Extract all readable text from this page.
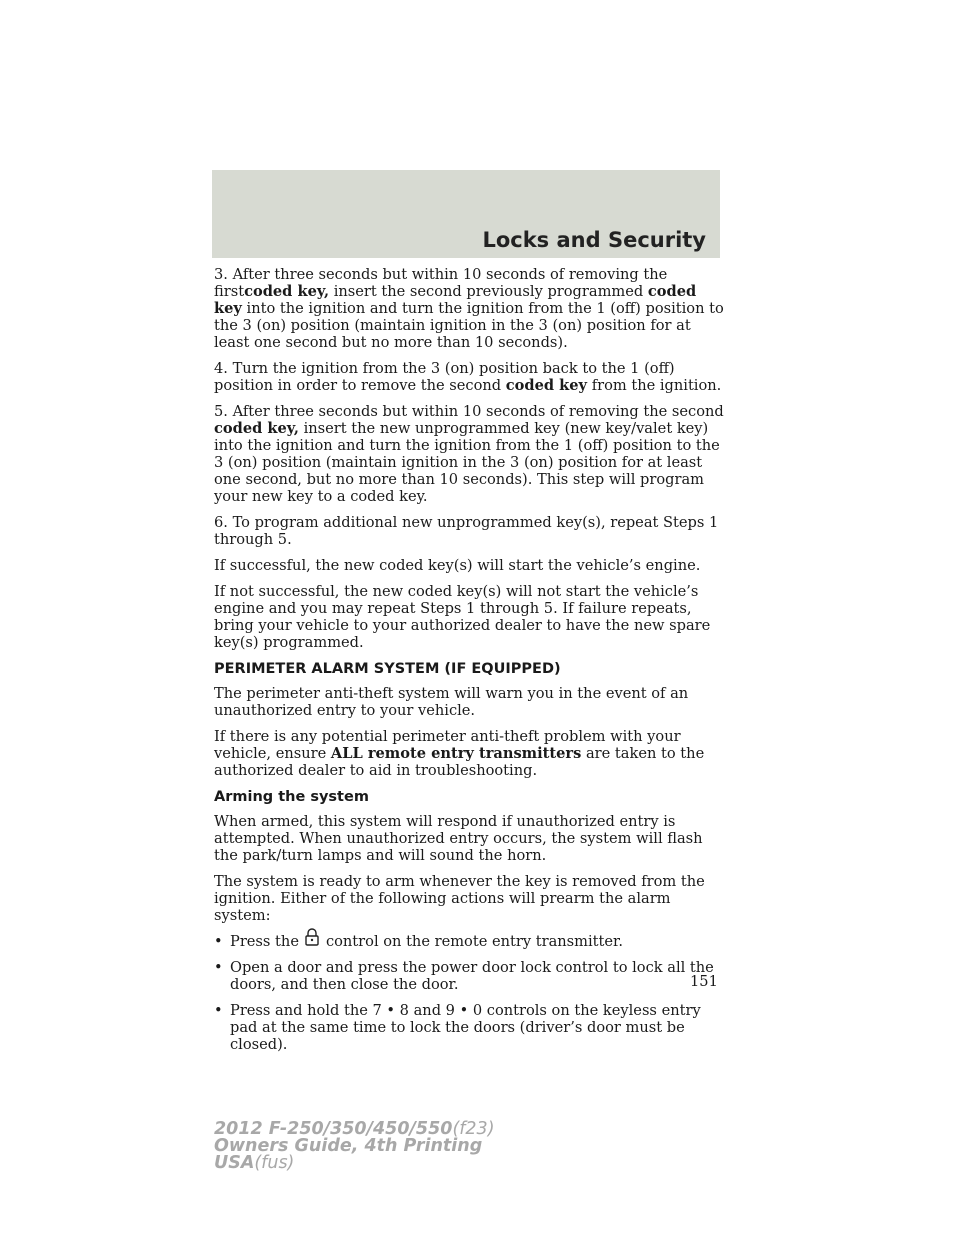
Locks and Security

3. After three seconds but within 10 seconds of removing the firstcoded key, insert the second previously programmed coded key into the ignition and turn the ignition from the 1 (off) position to the 3 (on) position (maintain ignition in the 3 (on) position for at least one second but no more than 10 seconds).

4. Turn the ignition from the 3 (on) position back to the 1 (off) position in order to remove the second coded key from the ignition.

5. After three seconds but within 10 seconds of removing the second coded key, insert the new unprogrammed key (new key/valet key) into the ignition and turn the ignition from the 1 (off) position to the 3 (on) position (maintain ignition in the 3 (on) position for at least one second, but no more than 10 seconds). This step will program your new key to a coded key.

6. To program additional new unprogrammed key(s), repeat Steps 1 through 5.

If successful, the new coded key(s) will start the vehicle’s engine.

If not successful, the new coded key(s) will not start the vehicle’s engine and you may repeat Steps 1 through 5. If failure repeats, bring your vehicle to your authorized dealer to have the new spare key(s) programmed.

PERIMETER ALARM SYSTEM (IF EQUIPPED)

The perimeter anti-theft system will warn you in the event of an unauthorized entry to your vehicle.

If there is any potential perimeter anti-theft problem with your vehicle, ensure ALL remote entry transmitters are taken to the authorized dealer to aid in troubleshooting.

Arming the system

When armed, this system will respond if unauthorized entry is attempted. When unauthorized entry occurs, the system will flash the park/turn lamps and will sound the horn.

The system is ready to arm whenever the key is removed from the ignition. Either of the following actions will prearm the alarm system:

• Press the control on the remote entry transmitter.
• Open a door and press the power door lock control to lock all the doors, and then close the door.
• Press and hold the 7 • 8 and 9 • 0 controls on the keyless entry pad at the same time to lock the doors (driver’s door must be closed).
151
2012 F-250/350/450/550(f23)
Owners Guide, 4th Printing
USA(fus)
